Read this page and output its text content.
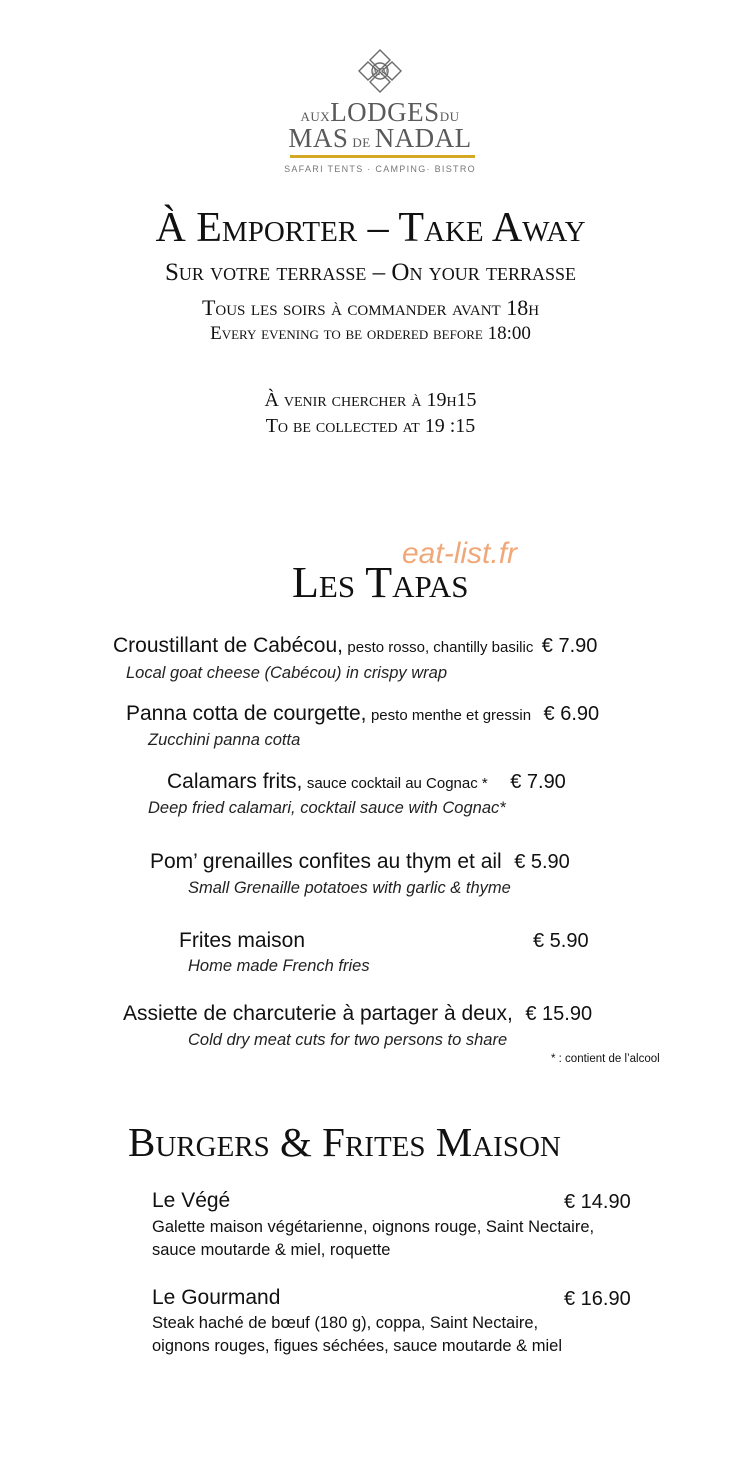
MN
AUXLODGESDU
MAS DE NADAL
SAFARI TENTS · CAMPING· BISTRO
À Emporter – Take Away
Sur votre terrasse – On your terrasse
Tous les soirs à commander avant 18h
Every evening to be ordered before 18:00
À venir chercher à 19h15
To be collected at 19 :15
eat-list.fr
Les Tapas
Croustillant de Cabécou, pesto rosso, chantilly basilic € 7.90
Local goat cheese (Cabécou) in crispy wrap
Panna cotta de courgette, pesto menthe et gressin € 6.90
Zucchini panna cotta
Calamars frits, sauce cocktail au Cognac * € 7.90
Deep fried calamari, cocktail sauce with Cognac*
Pom’ grenailles confites au thym et ail € 5.90
Small Grenaille potatoes with garlic & thyme
Frites maison	€ 5.90
Home made French fries
Assiette de charcuterie à partager à deux, € 15.90
Cold dry meat cuts for two persons to share
* : contient de l’alcool
Burgers & Frites Maison
Le Végé	€ 14.90
Galette maison végétarienne, oignons rouge, Saint Nectaire,
sauce moutarde & miel, roquette
Le Gourmand	€ 16.90
Steak haché de bœuf (180 g), coppa, Saint Nectaire,
oignons rouges, figues séchées, sauce moutarde & miel
